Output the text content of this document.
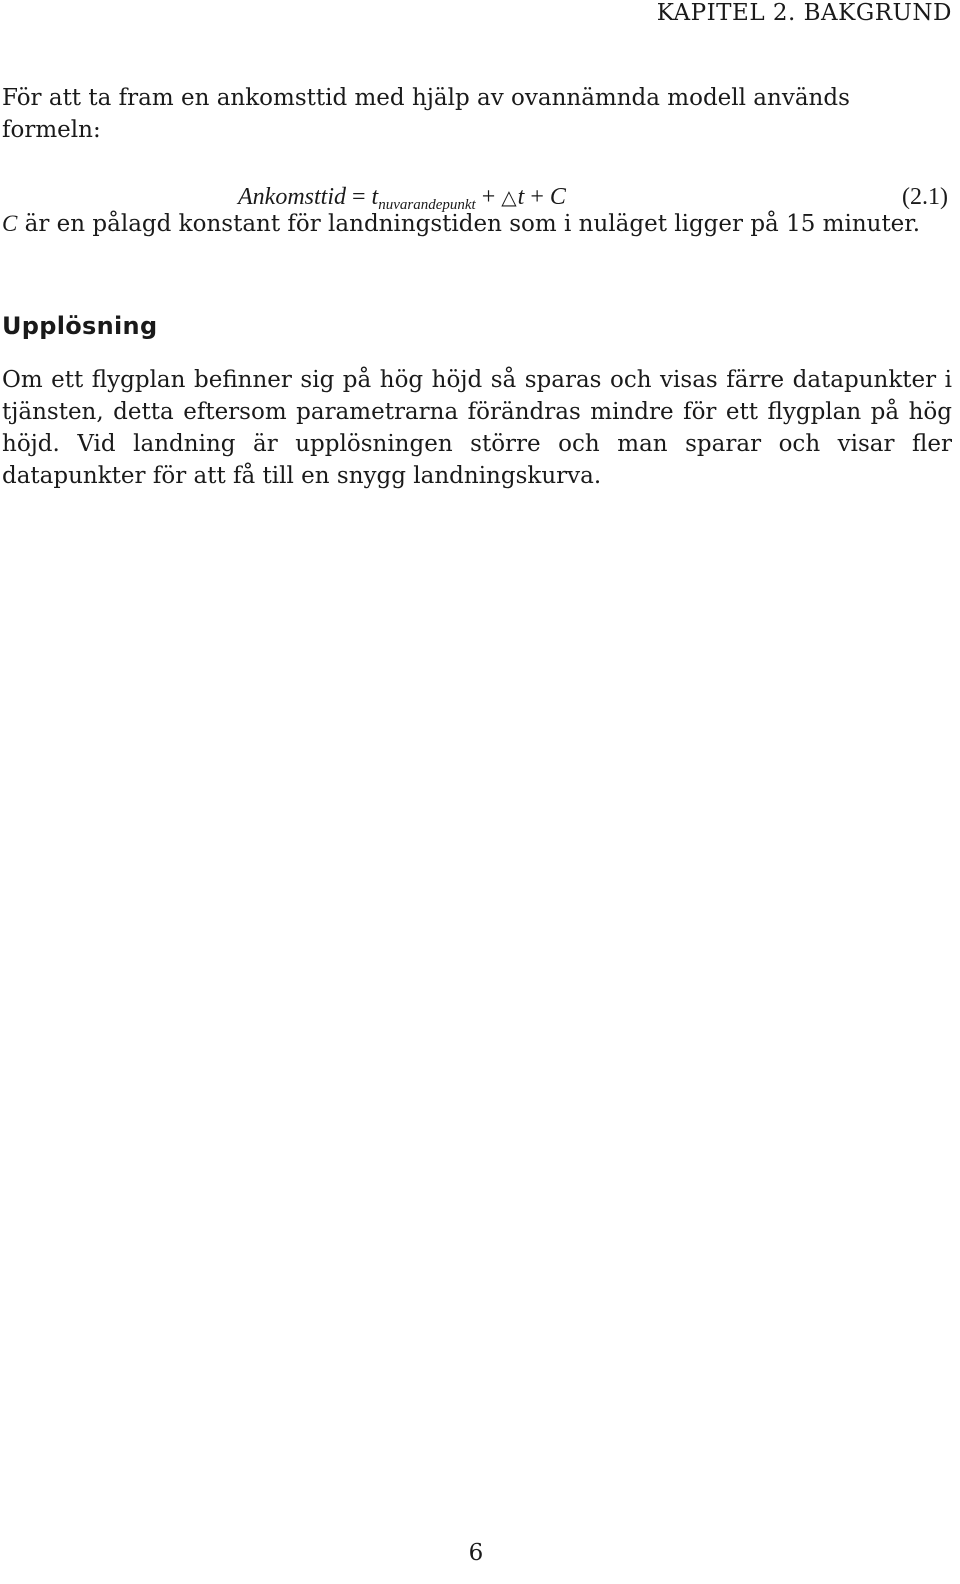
KAPITEL 2. BAKGRUND

För att ta fram en ankomsttid med hjälp av ovannämnda modell används formeln:

Ankomsttid = $t_{nuvarandepunkt}$ + △t + C	(2.1)

C är en pålagd konstant för landningstiden som i nuläget ligger på 15 minuter.

Upplösning

Om ett flygplan befinner sig på hög höjd så sparas och visas färre datapunkter i tjänsten, detta eftersom parametrarna förändras mindre för ett flygplan på hög höjd. Vid landning är upplösningen större och man sparar och visar fler datapunkter för att få till en snygg landningskurva.

6
